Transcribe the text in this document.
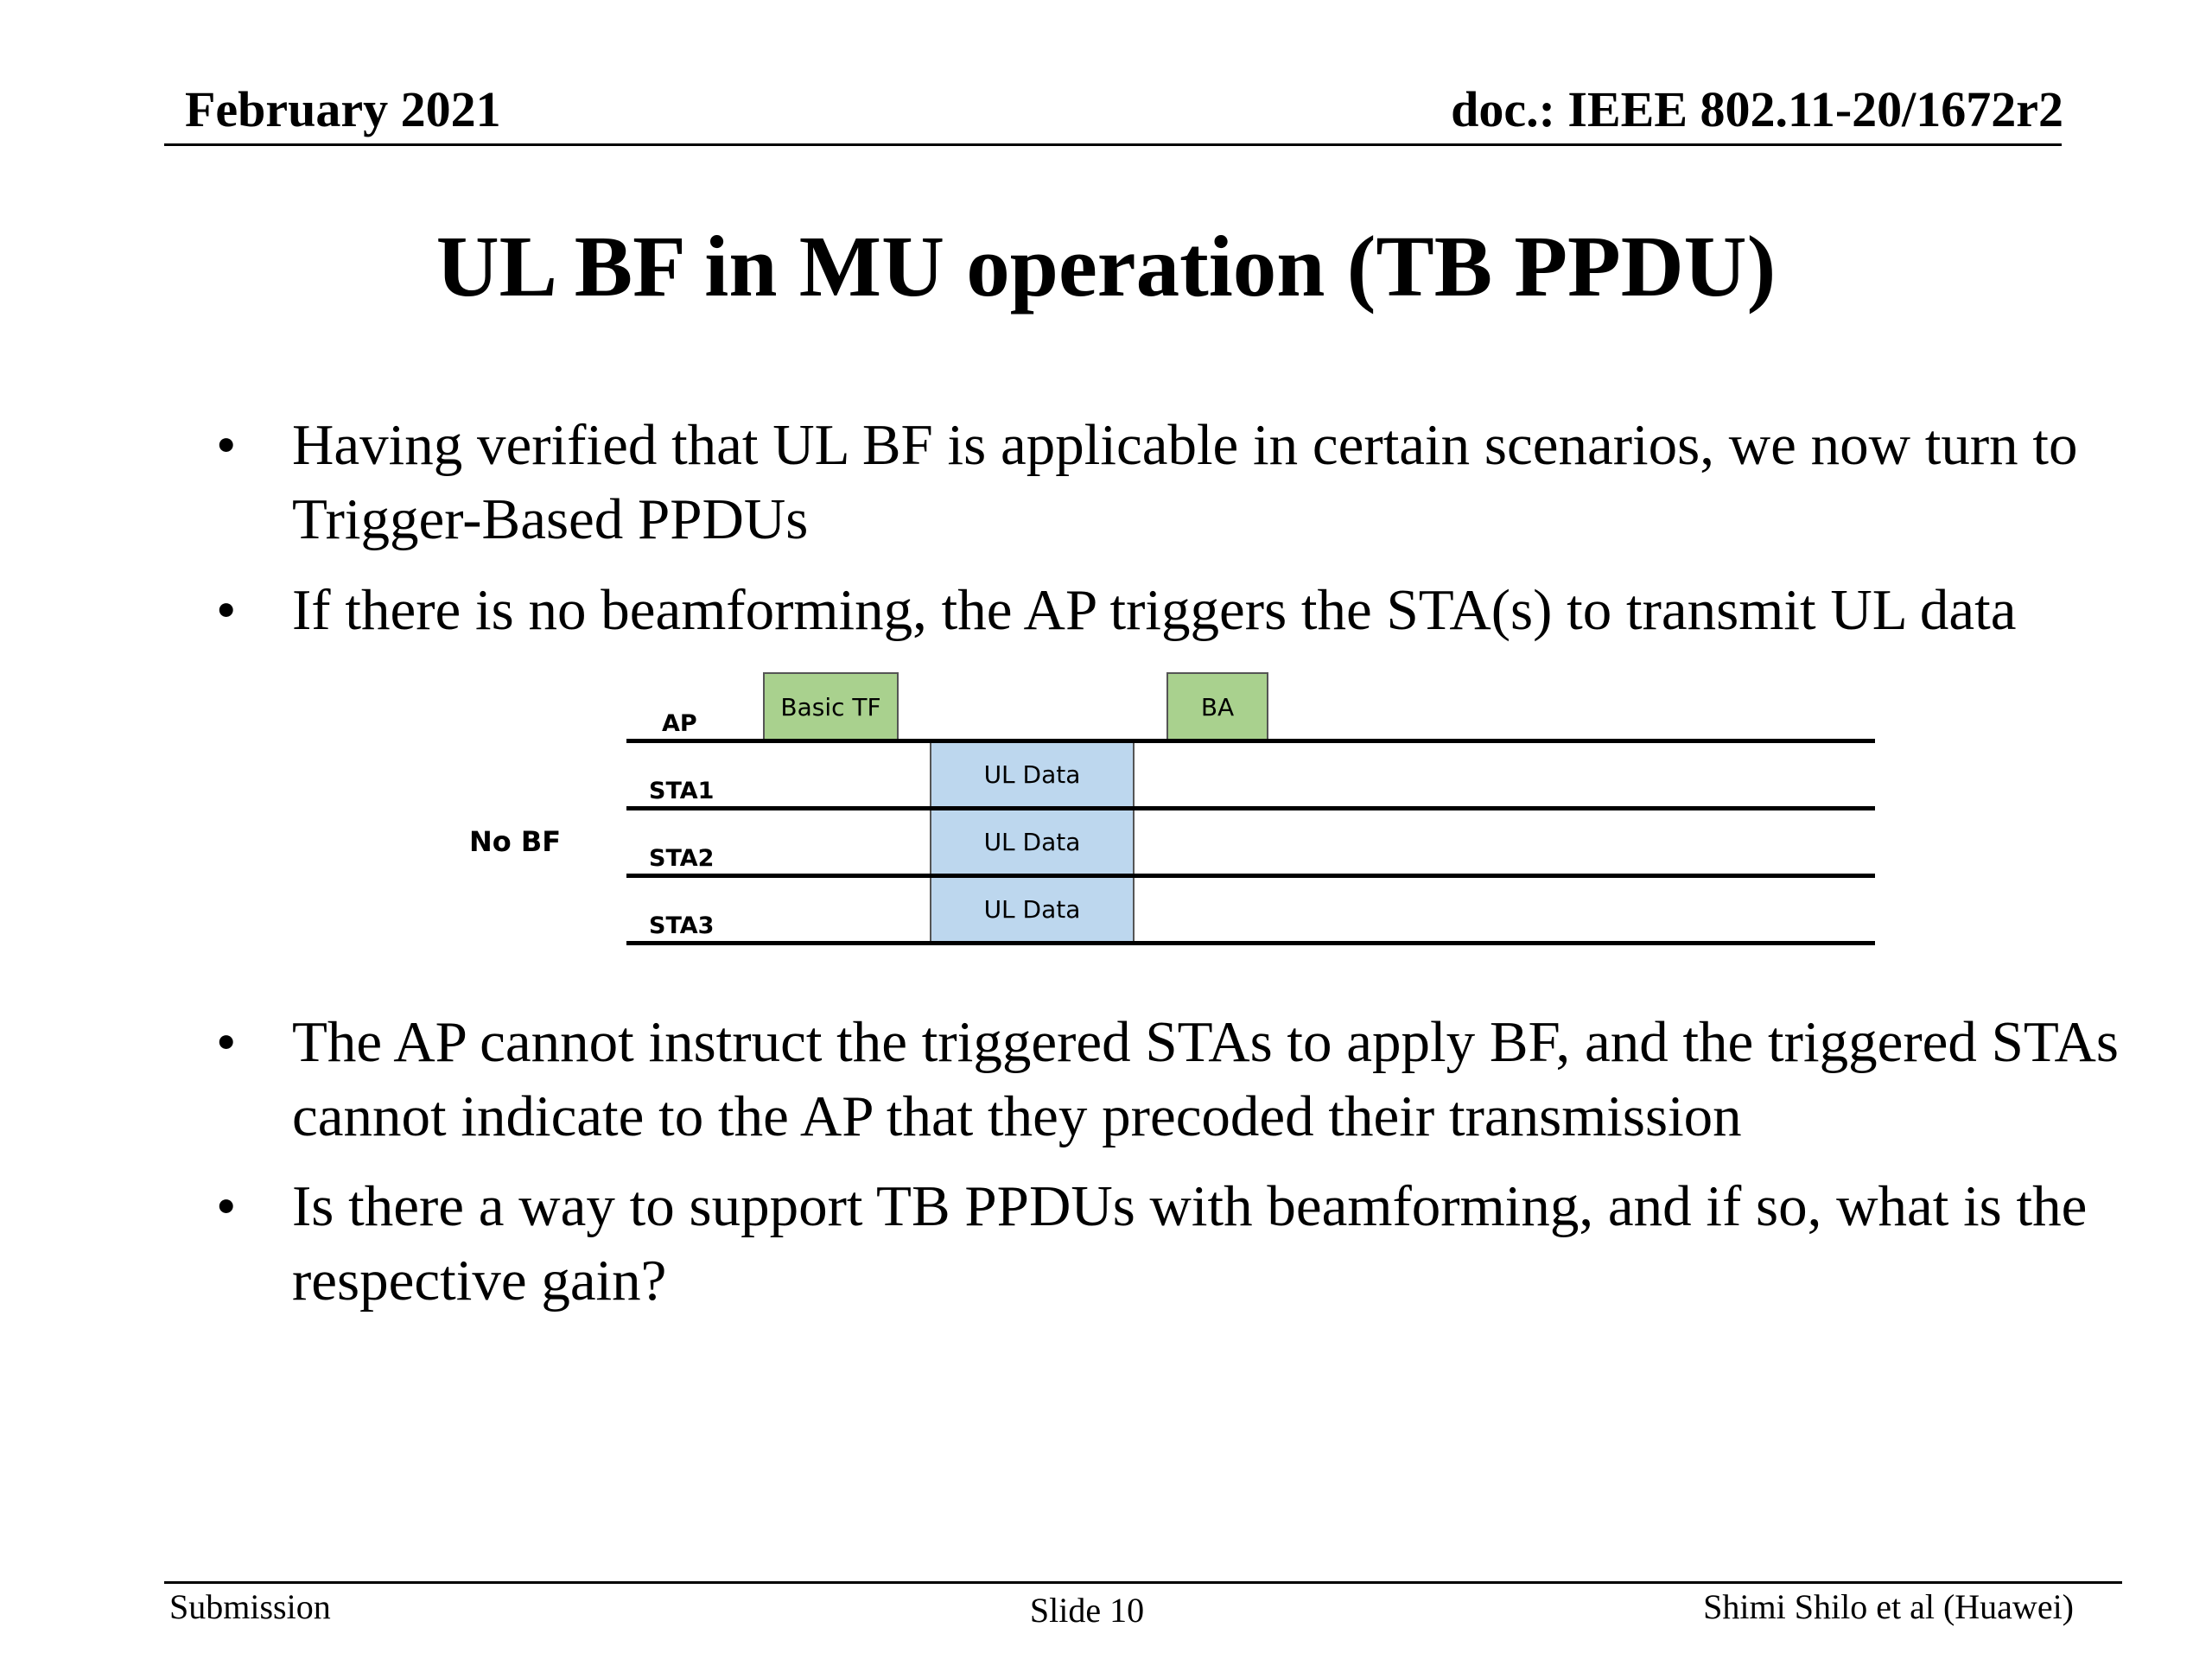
February 2021	doc.: IEEE 802.11-20/1672r2
UL BF in MU operation (TB PPDU)
• Having verified that UL BF is applicable in certain scenarios, we now turn to Trigger-Based PPDUs
• If there is no beamforming, the AP triggers the STA(s) to transmit UL data
No BF
AP
STA1
STA2
STA3
Basic TF	BA
UL Data
UL Data
UL Data
• The AP cannot instruct the triggered STAs to apply BF, and the triggered STAs cannot indicate to the AP that they precoded their transmission
• Is there a way to support TB PPDUs with beamforming, and if so, what is the respective gain?
Submission	Slide 10	Shimi Shilo et al (Huawei)
